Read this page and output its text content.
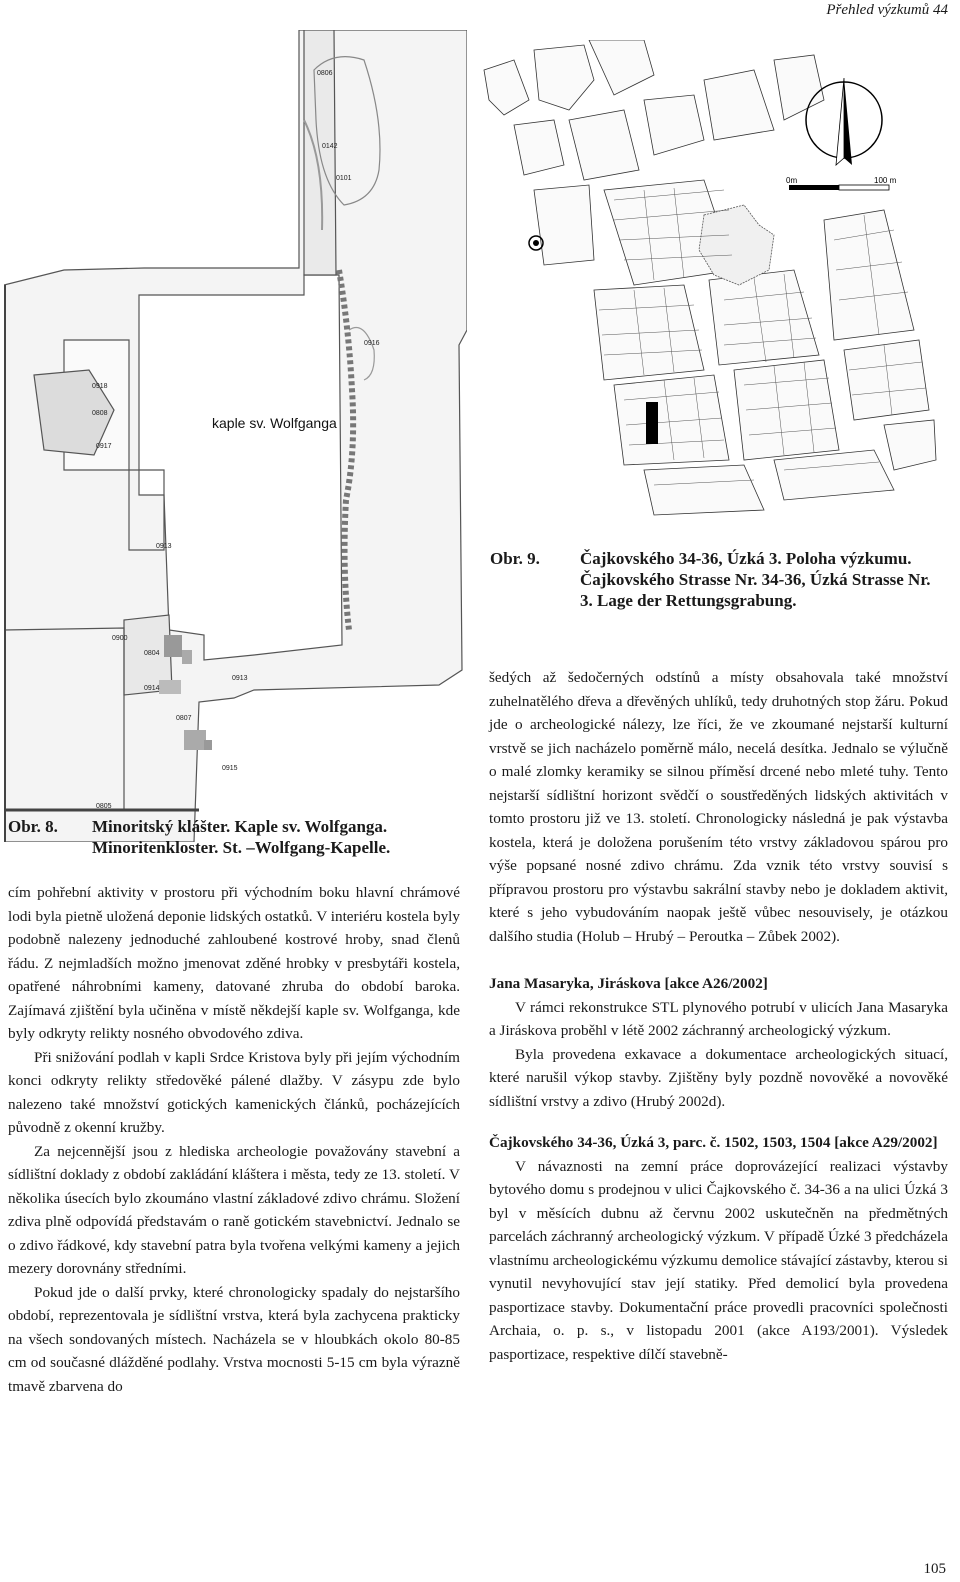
Přehled výzkumů 44
0806
0142
0101
0916
0918
0808
0917
0913
0913
0900
0804
0914
0807
0915
0805
kaple sv. Wolfganga
0m	100 m
Obr. 9. Čajkovského 34-36, Úzká 3. Poloha výzkumu.
Čajkovského Strasse Nr. 34-36, Úzká Strasse Nr.
3. Lage der Rettungsgrabung.
Obr. 8. Minoritský klášter. Kaple sv. Wolfganga.
Minoritenkloster. St. –Wolfgang-Kapelle.

cím pohřební aktivity v prostoru při východním boku hlavní chrámové lodi byla pietně uložená deponie lidských ostatků. V interiéru kostela byly podobně nalezeny jednoduché zahloubené kostrové hroby, snad členů řádu. Z nejmladších možno jmenovat zděné hrobky v presbytáři kostela, opatřené náhrobními kameny, datované zhruba do období baroka. Zajímavá zjištění byla učiněna v místě někdejší kaple sv. Wolfganga, kde byly odkryty relikty nosného obvodového zdiva.

Při snižování podlah v kapli Srdce Kristova byly při jejím východním konci odkryty relikty středověké pálené dlažby. V zásypu zde bylo nalezeno také množství gotických kamenických článků, pocházejících původně z okenní kružby.

Za nejcennější jsou z hlediska archeologie považovány stavební a sídlištní doklady z období zakládání kláštera i města, tedy ze 13. století. V několika úsecích bylo zkoumáno vlastní základové zdivo chrámu. Složení zdiva plně odpovídá představám o raně gotickém stavebnictví. Jednalo se o zdivo řádkové, kdy stavební patra byla tvořena velkými kameny a jejich mezery dorovnány středními.

Pokud jde o další prvky, které chronologicky spadaly do nejstaršího období, reprezentovala je sídlištní vrstva, která byla zachycena prakticky na všech sondovaných místech. Nacházela se v hloubkách okolo 80-85 cm od současné dlážděné podlahy. Vrstva mocnosti 5-15 cm byla výrazně tmavě zbarvena do

šedých až šedočerných odstínů a místy obsahovala také množství zuhelnatělého dřeva a dřevěných uhlíků, tedy druhotných stop žáru. Pokud jde o archeologické nálezy, lze říci, že ve zkoumané nejstarší kulturní vrstvě se jich nacházelo poměrně málo, necelá desítka. Jednalo se výlučně o malé zlomky keramiky se silnou příměsí drcené nebo mleté tuhy. Tento nejstarší sídlištní horizont svědčí o soustředěných lidských aktivitách v tomto prostoru již ve 13. století. Chronologicky následná je pak výstavba kostela, která je doložena porušením této vrstvy základovou spárou pro výše popsané nosné zdivo chrámu. Zda vznik této vrstvy souvisí s přípravou prostoru pro výstavbu sakrální stavby nebo je dokladem aktivit, které s jeho vybudováním naopak ještě vůbec nesouvisely, je otázkou dalšího studia (Holub – Hrubý – Peroutka – Zůbek 2002).

Jana Masaryka, Jiráskova [akce A26/2002]

V rámci rekonstrukce STL plynového potrubí v ulicích Jana Masaryka a Jiráskova proběhl v létě 2002 záchranný archeologický výzkum.

Byla provedena exkavace a dokumentace archeologických situací, které narušil výkop stavby. Zjištěny byly pozdně novověké a novověké sídlištní vrstvy a zdivo (Hrubý 2002d).

Čajkovského 34-36, Úzká 3, parc. č. 1502, 1503, 1504 [akce A29/2002]

V návaznosti na zemní práce doprovázející realizaci výstavby bytového domu s prodejnou v ulici Čajkovského č. 34-36 a na ulici Úzká 3 byl v měsících dubnu až červnu 2002 uskutečněn na předmětných parcelách záchranný archeologický výzkum. V případě Úzké 3 předcházela vlastnímu archeologickému výzkumu demolice stávající zástavby, kterou si vynutil nevyhovující stav její statiky. Před demolicí byla provedena pasportizace stavby. Dokumentační práce provedli pracovníci společnosti Archaia, o. p. s., v listopadu 2001 (akce A193/2001). Výsledek pasportizace, respektive dílčí stavebně-

105
